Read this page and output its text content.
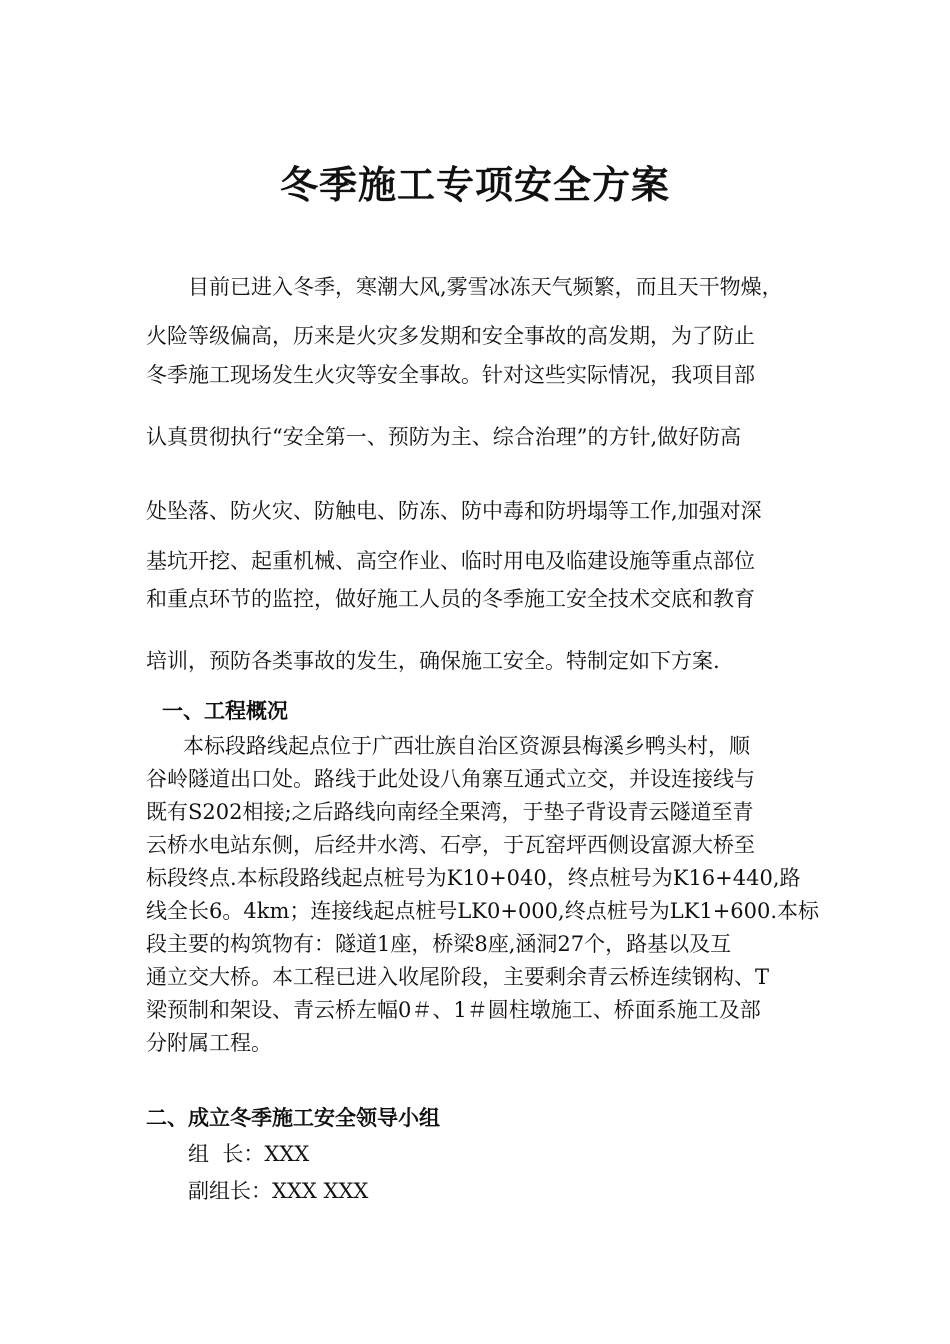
冬季施工专项安全方案

目前已进入冬季，寒潮大风,雾雪冰冻天气频繁，而且天干物燥，

火险等级偏高，历来是火灾多发期和安全事故的高发期，为了防止

冬季施工现场发生火灾等安全事故。针对这些实际情况，我项目部

认真贯彻执行“安全第一、预防为主、综合治理”的方针,做好防高

处坠落、防火灾、防触电、防冻、防中毒和防坍塌等工作,加强对深

基坑开挖、起重机械、高空作业、临时用电及临建设施等重点部位

和重点环节的监控，做好施工人员的冬季施工安全技术交底和教育

培训，预防各类事故的发生，确保施工安全。特制定如下方案.

一、工程概况

本标段路线起点位于广西壮族自治区资源县梅溪乡鸭头村，顺

谷岭隧道出口处。路线于此处设八角寨互通式立交，并设连接线与

既有S202相接;之后路线向南经全栗湾，于垫子背设青云隧道至青

云桥水电站东侧，后经井水湾、石亭，于瓦窑坪西侧设富源大桥至

标段终点.本标段路线起点桩号为K10+040，终点桩号为K16+440,路

线全长6。4km；连接线起点桩号LK0+000,终点桩号为LK1+600.本标

段主要的构筑物有：隧道1座，桥梁8座,涵洞27个，路基以及互

通立交大桥。本工程已进入收尾阶段，主要剩余青云桥连续钢构、T

梁预制和架设、青云桥左幅0＃、1＃圆柱墩施工、桥面系施工及部

分附属工程。

二、成立冬季施工安全领导小组

组  长：XXX

副组长：XXX XXX
